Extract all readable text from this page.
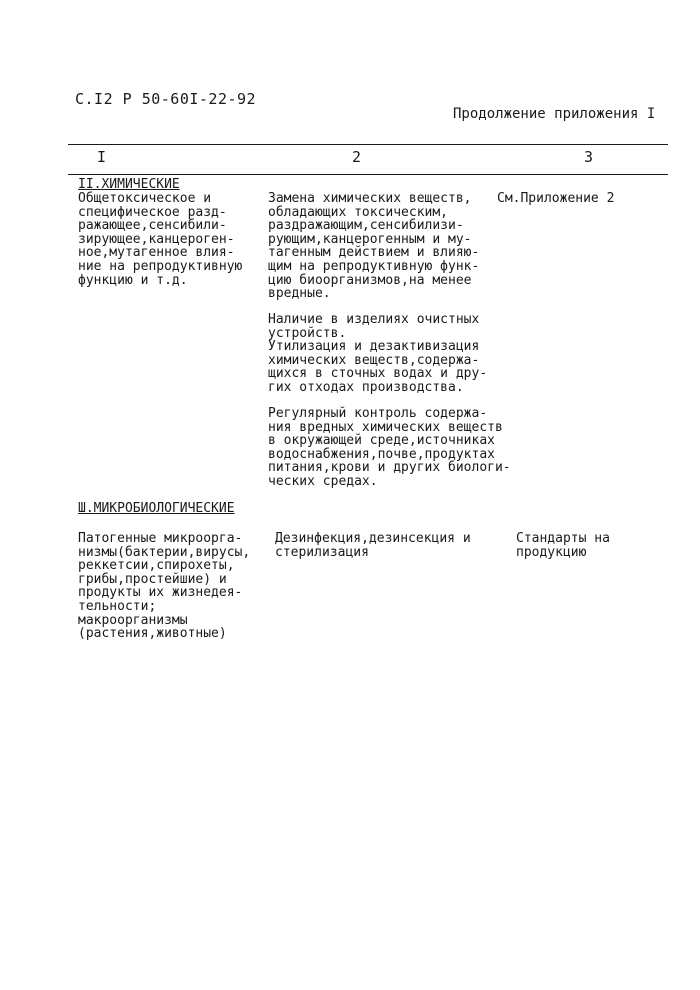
С.I2 Р 50-60I-22-92
Продолжение приложения I
I	2	3
II.ХИМИЧЕСКИЕ
Общетоксическое и
специфическое разд-
ражающее,сенсибили-
зирующее,канцероген-
ное,мутагенное влия-
ние на репродуктивную
функцию и т.д.
Замена химических веществ,
обладающих токсическим,
раздражающим,сенсибилизи-
рующим,канцерогенным и му-
тагенным действием и влияю-
щим на репродуктивную функ-
цию биоорганизмов,на менее
вредные.
Наличие в изделиях очистных
устройств.
Утилизация и дезактивизация
химических веществ,содержа-
щихся в сточных водах и дру-
гих отходах производства.
Регулярный контроль содержа-
ния вредных химических веществ
в окружающей среде,источниках
водоснабжения,почве,продуктах
питания,крови и других биологи-
ческих средах.
См.Приложение 2
Ш.МИКРОБИОЛОГИЧЕСКИЕ
Патогенные микроорга-
низмы(бактерии,вирусы,
реккетсии,спирохеты,
грибы,простейшие) и
продукты их жизнедея-
тельности;
макроорганизмы
(растения,животные)
Дезинфекция,дезинсекция и
стерилизация
Стандарты на
продукцию
